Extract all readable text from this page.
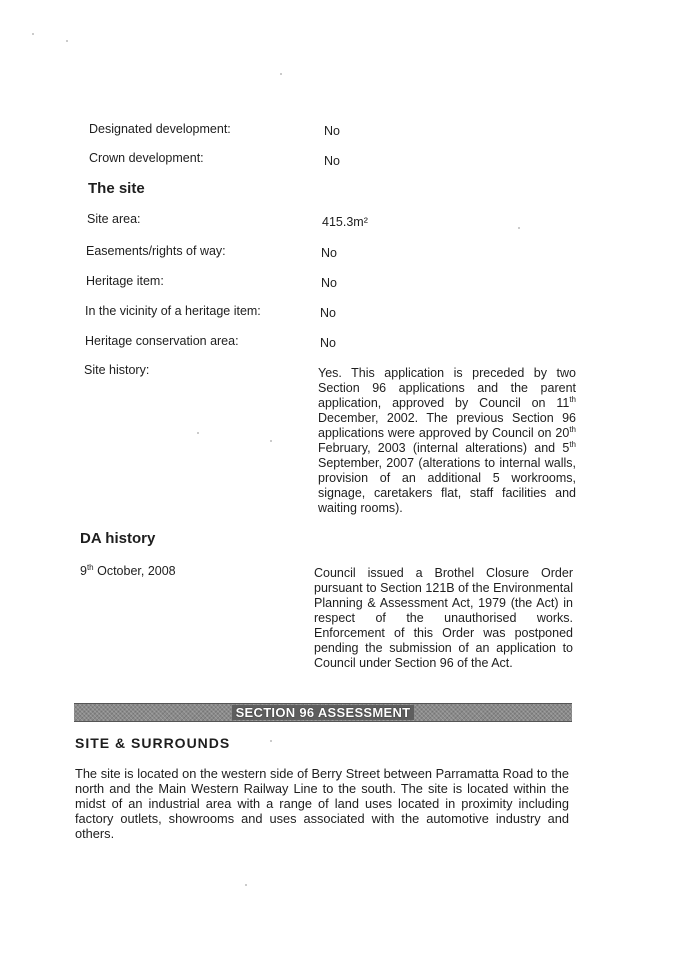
Designated development:	No
Crown development:	No
The site
Site area:	415.3m²
Easements/rights of way:	No
Heritage item:	No
In the vicinity of a heritage item:	No
Heritage conservation area:	No
Site history:	Yes. This application is preceded by two Section 96 applications and the parent application, approved by Council on 11th December, 2002. The previous Section 96 applications were approved by Council on 20th February, 2003 (internal alterations) and 5th September, 2007 (alterations to internal walls, provision of an additional 5 workrooms, signage, caretakers flat, staff facilities and waiting rooms).
DA history
9th October, 2008	Council issued a Brothel Closure Order pursuant to Section 121B of the Environmental Planning & Assessment Act, 1979 (the Act) in respect of the unauthorised works. Enforcement of this Order was postponed pending the submission of an application to Council under Section 96 of the Act.
SECTION 96 ASSESSMENT
SITE & SURROUNDS
The site is located on the western side of Berry Street between Parramatta Road to the north and the Main Western Railway Line to the south. The site is located within the midst of an industrial area with a range of land uses located in proximity including factory outlets, showrooms and uses associated with the automotive industry and others.
